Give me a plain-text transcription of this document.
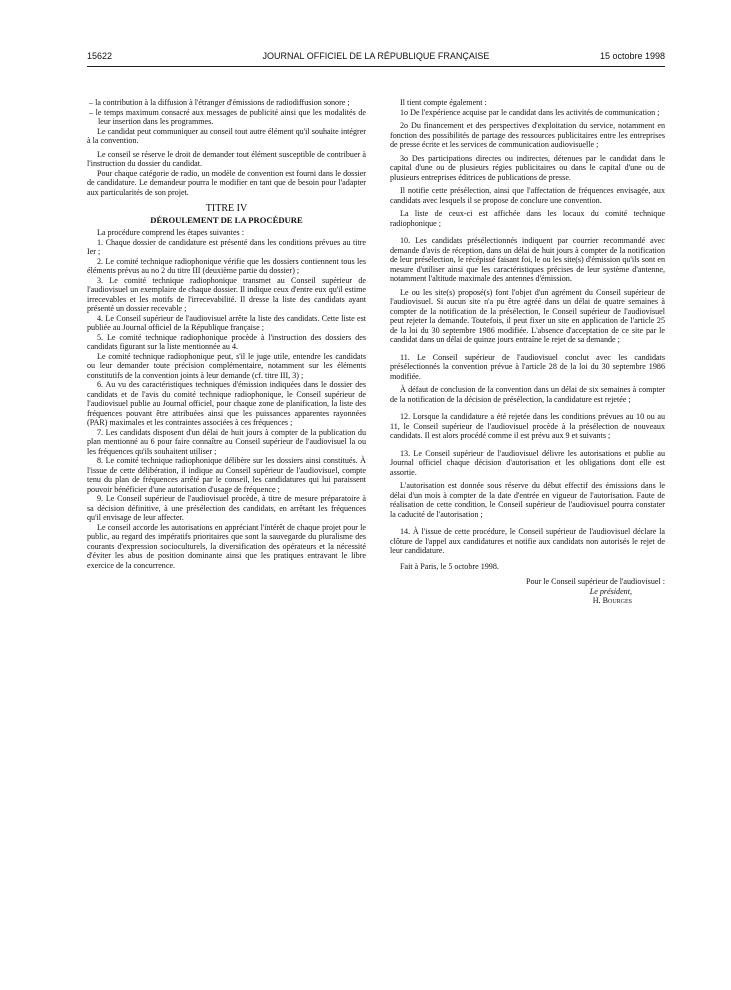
15622	JOURNAL OFFICIEL DE LA RÉPUBLIQUE FRANÇAISE	15 octobre 1998

– la contribution à la diffusion à l'étranger d'émissions de radiodiffusion sonore ;

– le temps maximum consacré aux messages de publicité ainsi que les modalités de leur insertion dans les programmes.

Le candidat peut communiquer au conseil tout autre élément qu'il souhaite intégrer à la convention.

Le conseil se réserve le droit de demander tout élément susceptible de contribuer à l'instruction du dossier du candidat.

Pour chaque catégorie de radio, un modèle de convention est fourni dans le dossier de candidature. Le demandeur pourra le modifier en tant que de besoin pour l'adapter aux particularités de son projet.

TITRE IV

DÉROULEMENT DE LA PROCÉDURE

La procédure comprend les étapes suivantes :

1. Chaque dossier de candidature est présenté dans les conditions prévues au titre Ier ;

2. Le comité technique radiophonique vérifie que les dossiers contiennent tous les éléments prévus au no 2 du titre III (deuxième partie du dossier) ;

3. Le comité technique radiophonique transmet au Conseil supérieur de l'audiovisuel un exemplaire de chaque dossier. Il indique ceux d'entre eux qu'il estime irrecevables et les motifs de l'irrecevabilité. Il dresse la liste des candidats ayant présenté un dossier recevable ;

4. Le Conseil supérieur de l'audiovisuel arrête la liste des candidats. Cette liste est publiée au Journal officiel de la République française ;

5. Le comité technique radiophonique procède à l'instruction des dossiers des candidats figurant sur la liste mentionnée au 4.

Le comité technique radiophonique peut, s'il le juge utile, entendre les candidats ou leur demander toute précision complémentaire, notamment sur les éléments constitutifs de la convention joints à leur demande (cf. titre III, 3) ;

6. Au vu des caractéristiques techniques d'émission indiquées dans le dossier des candidats et de l'avis du comité technique radiophonique, le Conseil supérieur de l'audiovisuel publie au Journal officiel, pour chaque zone de planification, la liste des fréquences pouvant être attribuées ainsi que les puissances apparentes rayonnées (PAR) maximales et les contraintes associées à ces fréquences ;

7. Les candidats disposent d'un délai de huit jours à compter de la publication du plan mentionné au 6 pour faire connaître au Conseil supérieur de l'audiovisuel la ou les fréquences qu'ils souhaitent utiliser ;

8. Le comité technique radiophonique délibère sur les dossiers ainsi constitués. À l'issue de cette délibération, il indique au Conseil supérieur de l'audiovisuel, compte tenu du plan de fréquences arrêté par le conseil, les candidatures qui lui paraissent pouvoir bénéficier d'une autorisation d'usage de fréquence ;

9. Le Conseil supérieur de l'audiovisuel procède, à titre de mesure préparatoire à sa décision définitive, à une présélection des candidats, en arrêtant les fréquences qu'il envisage de leur affecter.

Le conseil accorde les autorisations en appréciant l'intérêt de chaque projet pour le public, au regard des impératifs prioritaires que sont la sauvegarde du pluralisme des courants d'expression socioculturels, la diversification des opérateurs et la nécessité d'éviter les abus de position dominante ainsi que les pratiques entravant le libre exercice de la concurrence.

Il tient compte également :

1o De l'expérience acquise par le candidat dans les activités de communication ;

2o Du financement et des perspectives d'exploitation du service, notamment en fonction des possibilités de partage des ressources publicitaires entre les entreprises de presse écrite et les services de communication audiovisuelle ;

3o Des participations directes ou indirectes, détenues par le candidat dans le capital d'une ou de plusieurs régies publicitaires ou dans le capital d'une ou de plusieurs entreprises éditrices de publications de presse.

Il notifie cette présélection, ainsi que l'affectation de fréquences envisagée, aux candidats avec lesquels il se propose de conclure une convention.

La liste de ceux-ci est affichée dans les locaux du comité technique radiophonique ;

10. Les candidats présélectionnés indiquent par courrier recommandé avec demande d'avis de réception, dans un délai de huit jours à compter de la notification de leur présélection, le récépissé faisant foi, le ou les site(s) d'émission qu'ils sont en mesure d'utiliser ainsi que les caractéristiques précises de leur système d'antenne, notamment l'altitude maximale des antennes d'émission.

Le ou les site(s) proposé(s) font l'objet d'un agrément du Conseil supérieur de l'audiovisuel. Si aucun site n'a pu être agréé dans un délai de quatre semaines à compter de la notification de la présélection, le Conseil supérieur de l'audiovisuel peut rejeter la demande. Toutefois, il peut fixer un site en application de l'article 25 de la loi du 30 septembre 1986 modifiée. L'absence d'acceptation de ce site par le candidat dans un délai de quinze jours entraîne le rejet de sa demande ;

11. Le Conseil supérieur de l'audiovisuel conclut avec les candidats présélectionnés la convention prévue à l'article 28 de la loi du 30 septembre 1986 modifiée.

À défaut de conclusion de la convention dans un délai de six semaines à compter de la notification de la décision de présélection, la candidature est rejetée ;

12. Lorsque la candidature a été rejetée dans les conditions prévues au 10 ou au 11, le Conseil supérieur de l'audiovisuel procède à la présélection de nouveaux candidats. Il est alors procédé comme il est prévu aux 9 et suivants ;

13. Le Conseil supérieur de l'audiovisuel délivre les autorisations et publie au Journal officiel chaque décision d'autorisation et les obligations dont elle est assortie.

L'autorisation est donnée sous réserve du début effectif des émissions dans le délai d'un mois à compter de la date d'entrée en vigueur de l'autorisation. Faute de réalisation de cette condition, le Conseil supérieur de l'audiovisuel pourra constater la caducité de l'autorisation ;

14. À l'issue de cette procédure, le Conseil supérieur de l'audiovisuel déclare la clôture de l'appel aux candidatures et notifie aux candidats non autorisés le rejet de leur candidature.

Fait à Paris, le 5 octobre 1998.

Pour le Conseil supérieur de l'audiovisuel :

Le président,

H. Bourges
